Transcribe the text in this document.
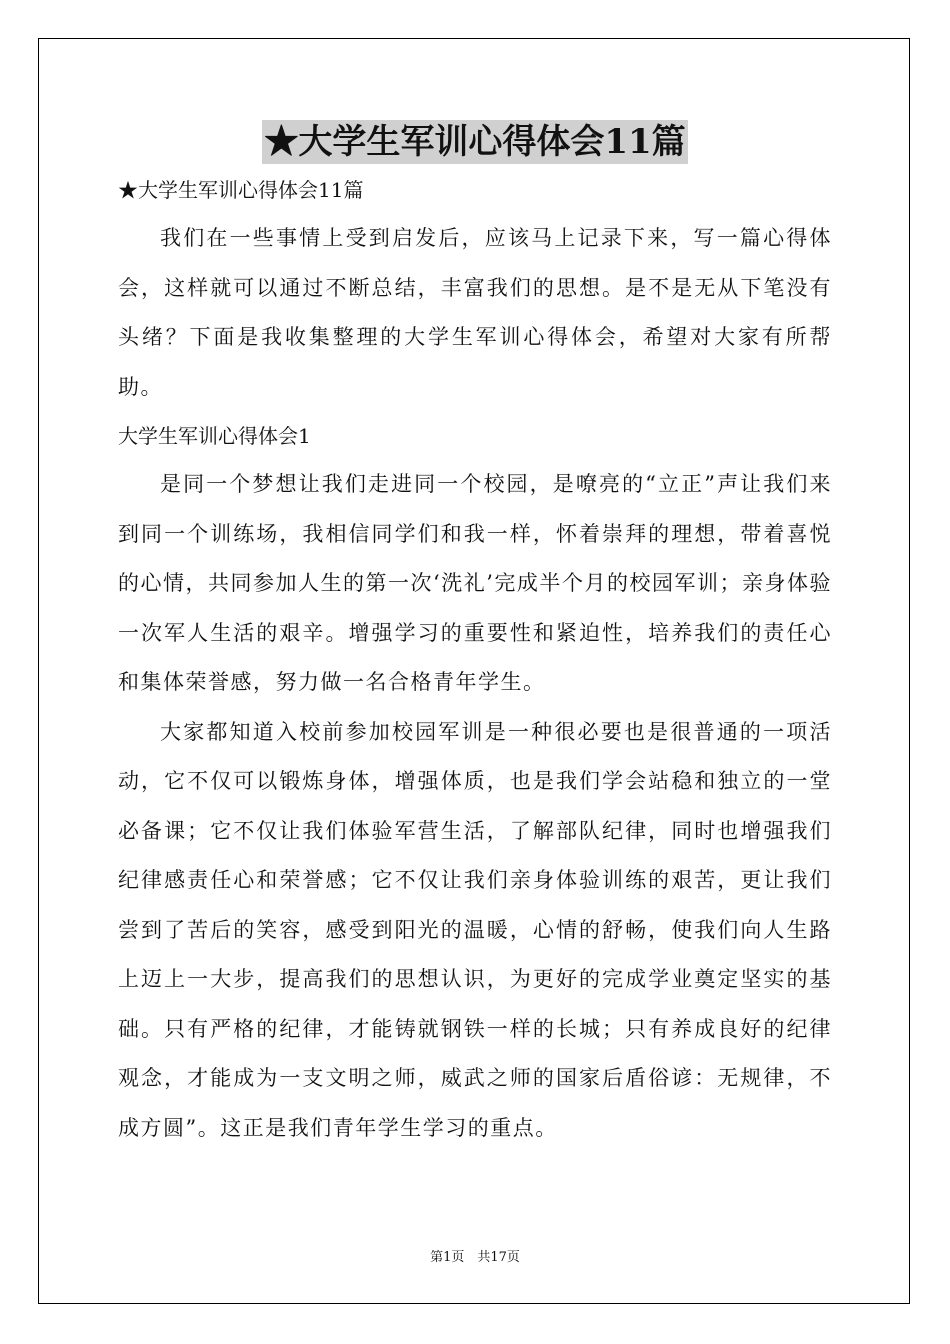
★大学生军训心得体会11篇
★大学生军训心得体会11篇

我们在一些事情上受到启发后，应该马上记录下来，写一篇心得体会，这样就可以通过不断总结，丰富我们的思想。是不是无从下笔没有头绪？下面是我收集整理的大学生军训心得体会，希望对大家有所帮助。

大学生军训心得体会1

是同一个梦想让我们走进同一个校园，是嘹亮的“立正”声让我们来到同一个训练场，我相信同学们和我一样，怀着崇拜的理想，带着喜悦的心情，共同参加人生的第一次‘洗礼’完成半个月的校园军训；亲身体验一次军人生活的艰辛。增强学习的重要性和紧迫性，培养我们的责任心和集体荣誉感，努力做一名合格青年学生。

大家都知道入校前参加校园军训是一种很必要也是很普通的一项活动，它不仅可以锻炼身体，增强体质，也是我们学会站稳和独立的一堂必备课；它不仅让我们体验军营生活，了解部队纪律，同时也增强我们纪律感责任心和荣誉感；它不仅让我们亲身体验训练的艰苦，更让我们尝到了苦后的笑容，感受到阳光的温暖，心情的舒畅，使我们向人生路上迈上一大步，提高我们的思想认识，为更好的完成学业奠定坚实的基础。只有严格的纪律，才能铸就钢铁一样的长城；只有养成良好的纪律观念，才能成为一支文明之师，威武之师的国家后盾俗谚：无规律，不成方圆”。这正是我们青年学生学习的重点。

第1页　共17页
